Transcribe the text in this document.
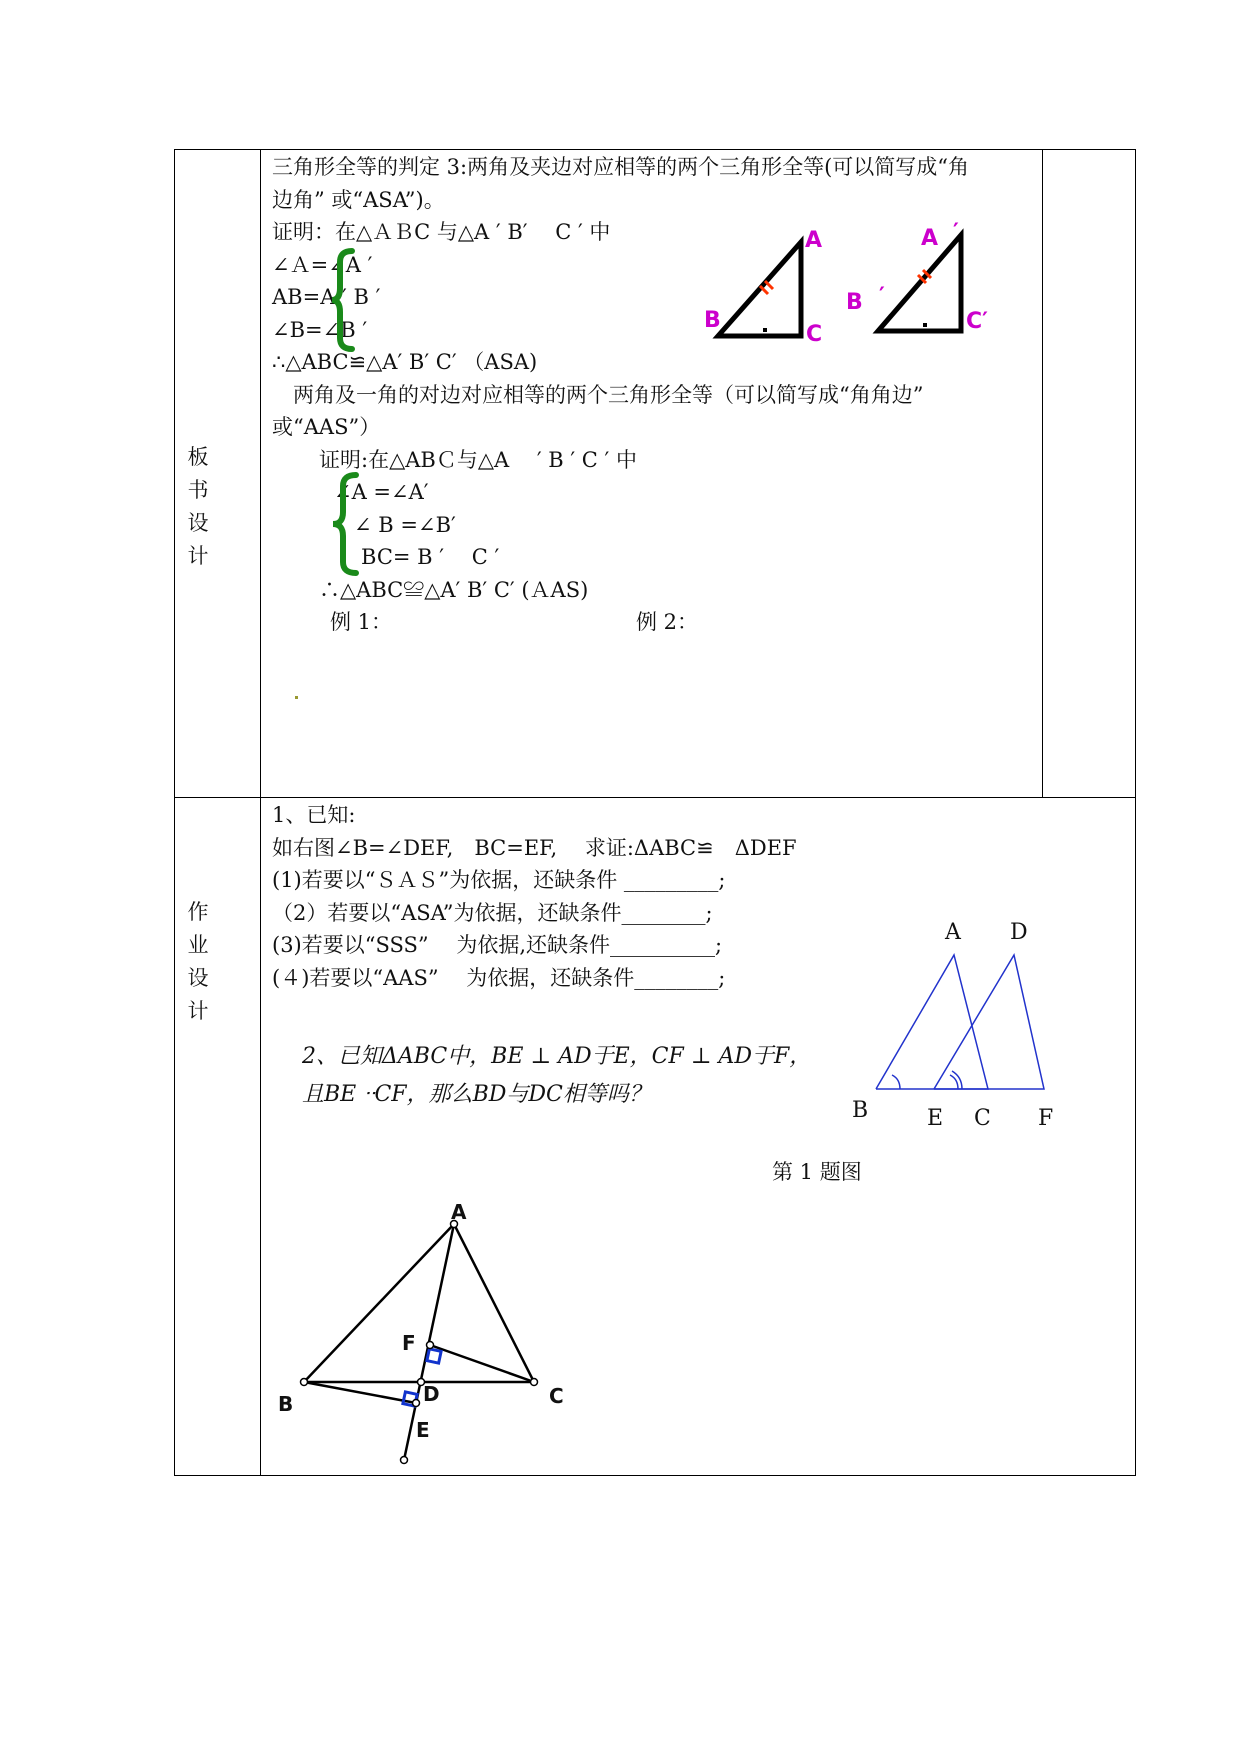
板
书
设
计
三角形全等的判定 3:两角及夹边对应相等的两个三角形全等(可以简写成“角
边角” 或“ASA”)。
证明：在△ＡＢC 与△A ′ B′ 　C ′ 中
∠Ａ=∠A ′
AB=A ′ B ′
∠B=∠B ′
∴△ABC≌△A′ B′ C′ （ASA)
　两角及一角的对边对应相等的两个三角形全等（可以简写成“角角边”
或“AAS”）
证明:在△ABＣ与△A 　′ B ′ C ′ 中
∠A =∠A′
∠ B =∠B′
BC= B ′ 　C ′
∴△ABC≌△A′ B′ C′ (ＡAS)
例 1：	例 2：
A
B
C
A ′
B ′
C′
作
业
设
计
1、已知:
如右图∠B=∠DEF,　BC=EF,　 求证:ΔABC≌　ΔDEF
(1)若要以“ＳＡＳ”为依据，还缺条件 _________;
（2）若要以“ASA”为依据，还缺条件________;
(3)若要以“SSS” 　为依据,还缺条件__________;
(４)若要以“AAS” 　为依据，还缺条件________;
2、已知ΔABC中，BE ⊥ AD于E，CF ⊥ AD于F，
且BE ᐧᐧCF，那么BD与DC相等吗？
第 1 题图
A D
B	E C F
A
F
B	D	C
E
